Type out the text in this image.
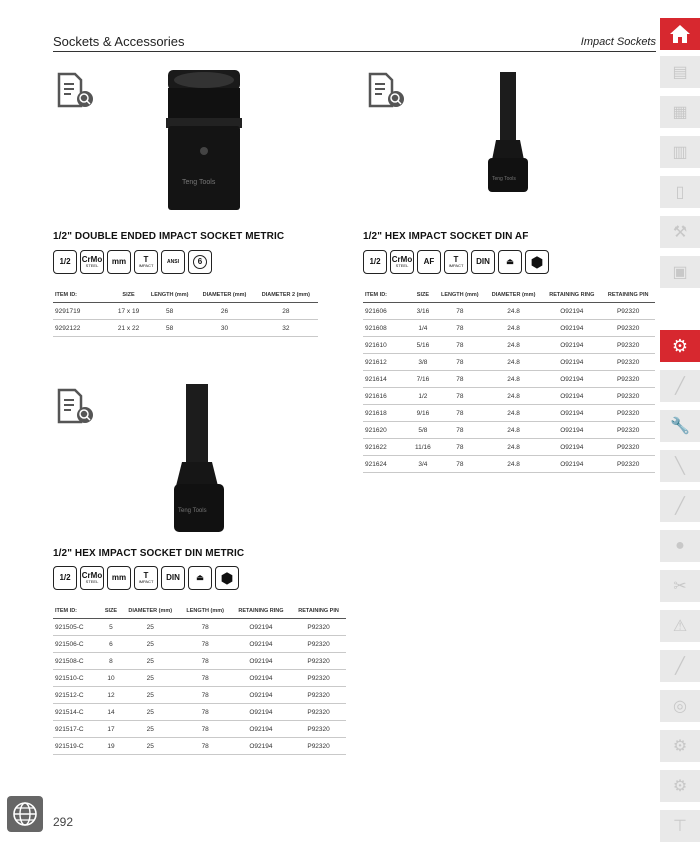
Sockets & Accessories	Impact Sockets
▤
▦
▥
▯
⚒
▣
⚙
╱
🔧
╲
╱
●
✂
⚠
╱
◎
⚙
⚙
⊤
Teng Tools
1/2" DOUBLE ENDED IMPACT SOCKET METRIC
1/2 CrMo
STEEL	mm	T
IMPACT
ANSI	6
ITEM ID:	SIZE	LENGTH (mm)	DIAMETER (mm)	DIAMETER 2 (mm)
9291719	17 x 19	58	26	28
9292122	21 x 22	58	30	32
Teng Tools
1/2" HEX IMPACT SOCKET DIN AF
1/2 CrMo
STEEL	AF	T
IMPACT	DIN	⏏ ⬢
ITEM ID:	SIZE	LENGTH (mm)	DIAMETER (mm)	RETAINING RING	RETAINING PIN
921606	3/16	78	24.8	O92194	P92320
921608	1/4	78	24.8	O92194	P92320
921610	5/16	78	24.8	O92194	P92320
921612	3/8	78	24.8	O92194	P92320
921614	7/16	78	24.8	O92194	P92320
921616	1/2	78	24.8	O92194	P92320
921618	9/16	78	24.8	O92194	P92320
921620	5/8	78	24.8	O92194	P92320
921622	11/16	78	24.8	O92194	P92320
921624	3/4	78	24.8	O92194	P92320
Teng Tools
1/2" HEX IMPACT SOCKET DIN METRIC
1/2 CrMo
STEEL	mm	T
IMPACT	DIN	⏏ ⬢
ITEM ID:	SIZE	DIAMETER (mm)	LENGTH (mm)	RETAINING RING	RETAINING PIN
921505-C	5	25	78	O92194	P92320
921506-C	6	25	78	O92194	P92320
921508-C	8	25	78	O92194	P92320
921510-C	10	25	78	O92194	P92320
921512-C	12	25	78	O92194	P92320
921514-C	14	25	78	O92194	P92320
921517-C	17	25	78	O92194	P92320
921519-C	19	25	78	O92194	P92320
292
